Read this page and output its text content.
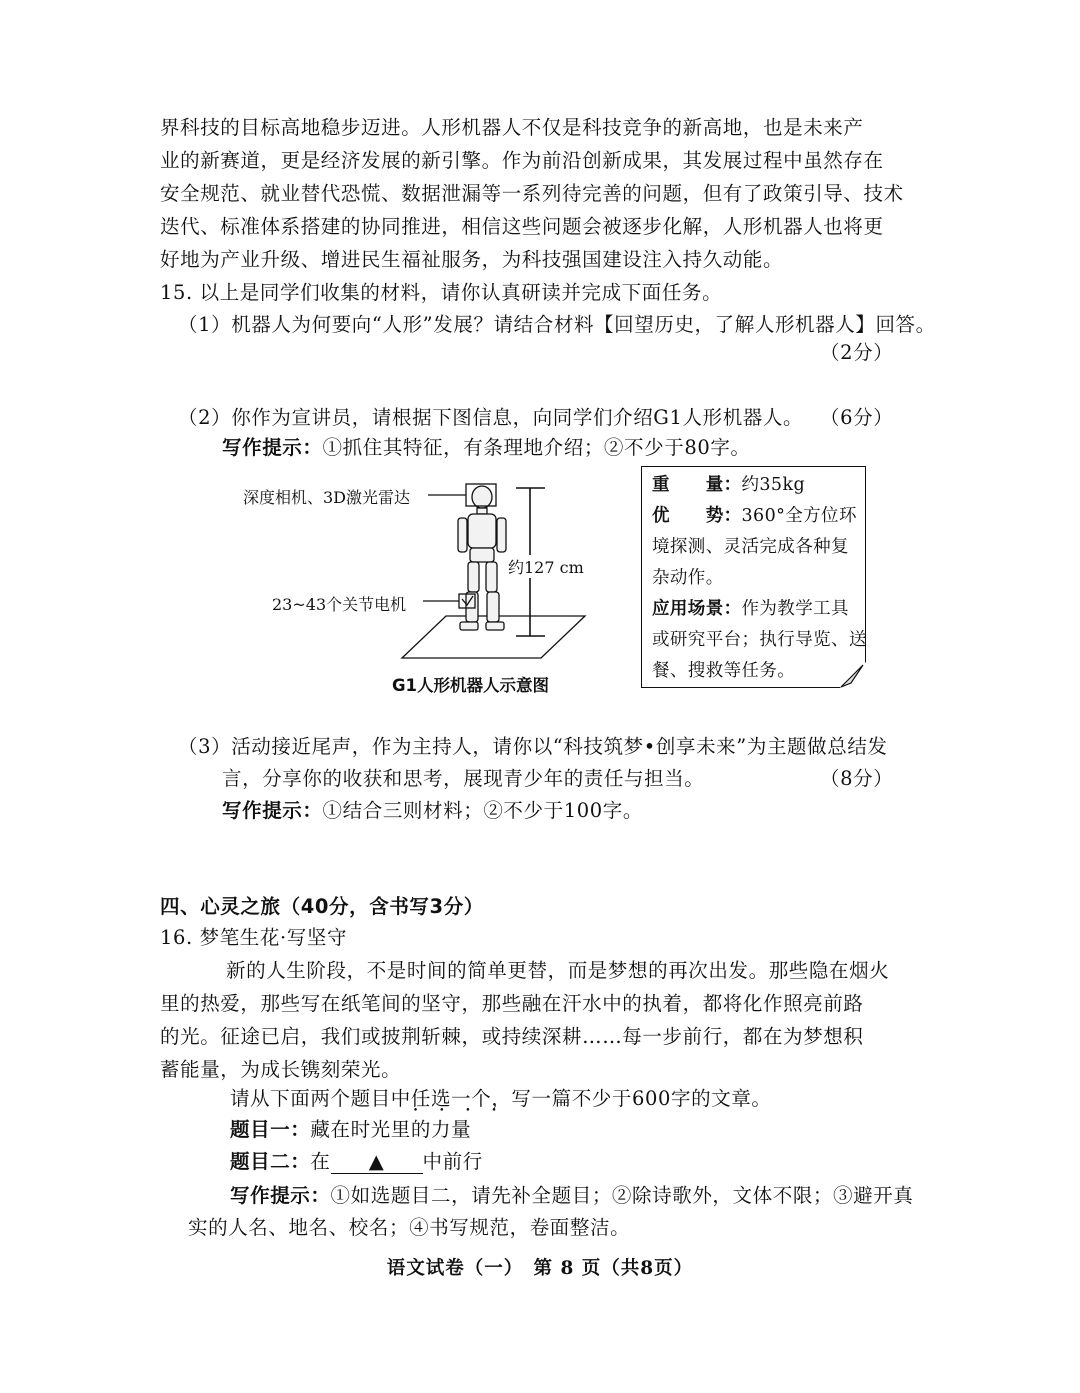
界科技的目标高地稳步迈进。人形机器人不仅是科技竞争的新高地，也是未来产

业的新赛道，更是经济发展的新引擎。作为前沿创新成果，其发展过程中虽然存在

安全规范、就业替代恐慌、数据泄漏等一系列待完善的问题，但有了政策引导、技术

迭代、标准体系搭建的协同推进，相信这些问题会被逐步化解，人形机器人也将更

好地为产业升级、增进民生福祉服务，为科技强国建设注入持久动能。

15. 以上是同学们收集的材料，请你认真研读并完成下面任务。

（1）机器人为何要向“人形”发展？请结合材料【回望历史，了解人形机器人】回答。

（2分）

（2）你作为宣讲员，请根据下图信息，向同学们介绍G1人形机器人。 （6分）

写作提示：①抓住其特征，有条理地介绍；②不少于80字。

深度相机、3D激光雷达
23~43个关节电机
约127 cm
G1人形机器人示意图
重　　量：约35kg
优　　势：360°全方位环
境探测、灵活完成各种复
杂动作。
应用场景：作为教学工具
或研究平台；执行导览、送
餐、搜救等任务。

（3）活动接近尾声，作为主持人，请你以“科技筑梦•创享未来”为主题做总结发

言，分享你的收获和思考，展现青少年的责任与担当。	（8分）

写作提示：①结合三则材料；②不少于100字。

四、心灵之旅（40分，含书写3分）

16. 梦笔生花·写坚守

新的人生阶段，不是时间的简单更替，而是梦想的再次出发。那些隐在烟火

里的热爱，那些写在纸笔间的坚守，那些融在汗水中的执着，都将化作照亮前路

的光。征途已启，我们或披荆斩棘，或持续深耕……每一步前行，都在为梦想积

蓄能量，为成长镌刻荣光。

请从下面两个题目中任选一个 • • • •，写一篇不少于600字的文章。

题目一：藏在时光里的力量

题目二：在 ▲ 中前行

写作提示：①如选题目二，请先补全题目；②除诗歌外，文体不限；③避开真

实的人名、地名、校名；④书写规范，卷面整洁。

语文试卷（一）　第 8 页（共8页）
